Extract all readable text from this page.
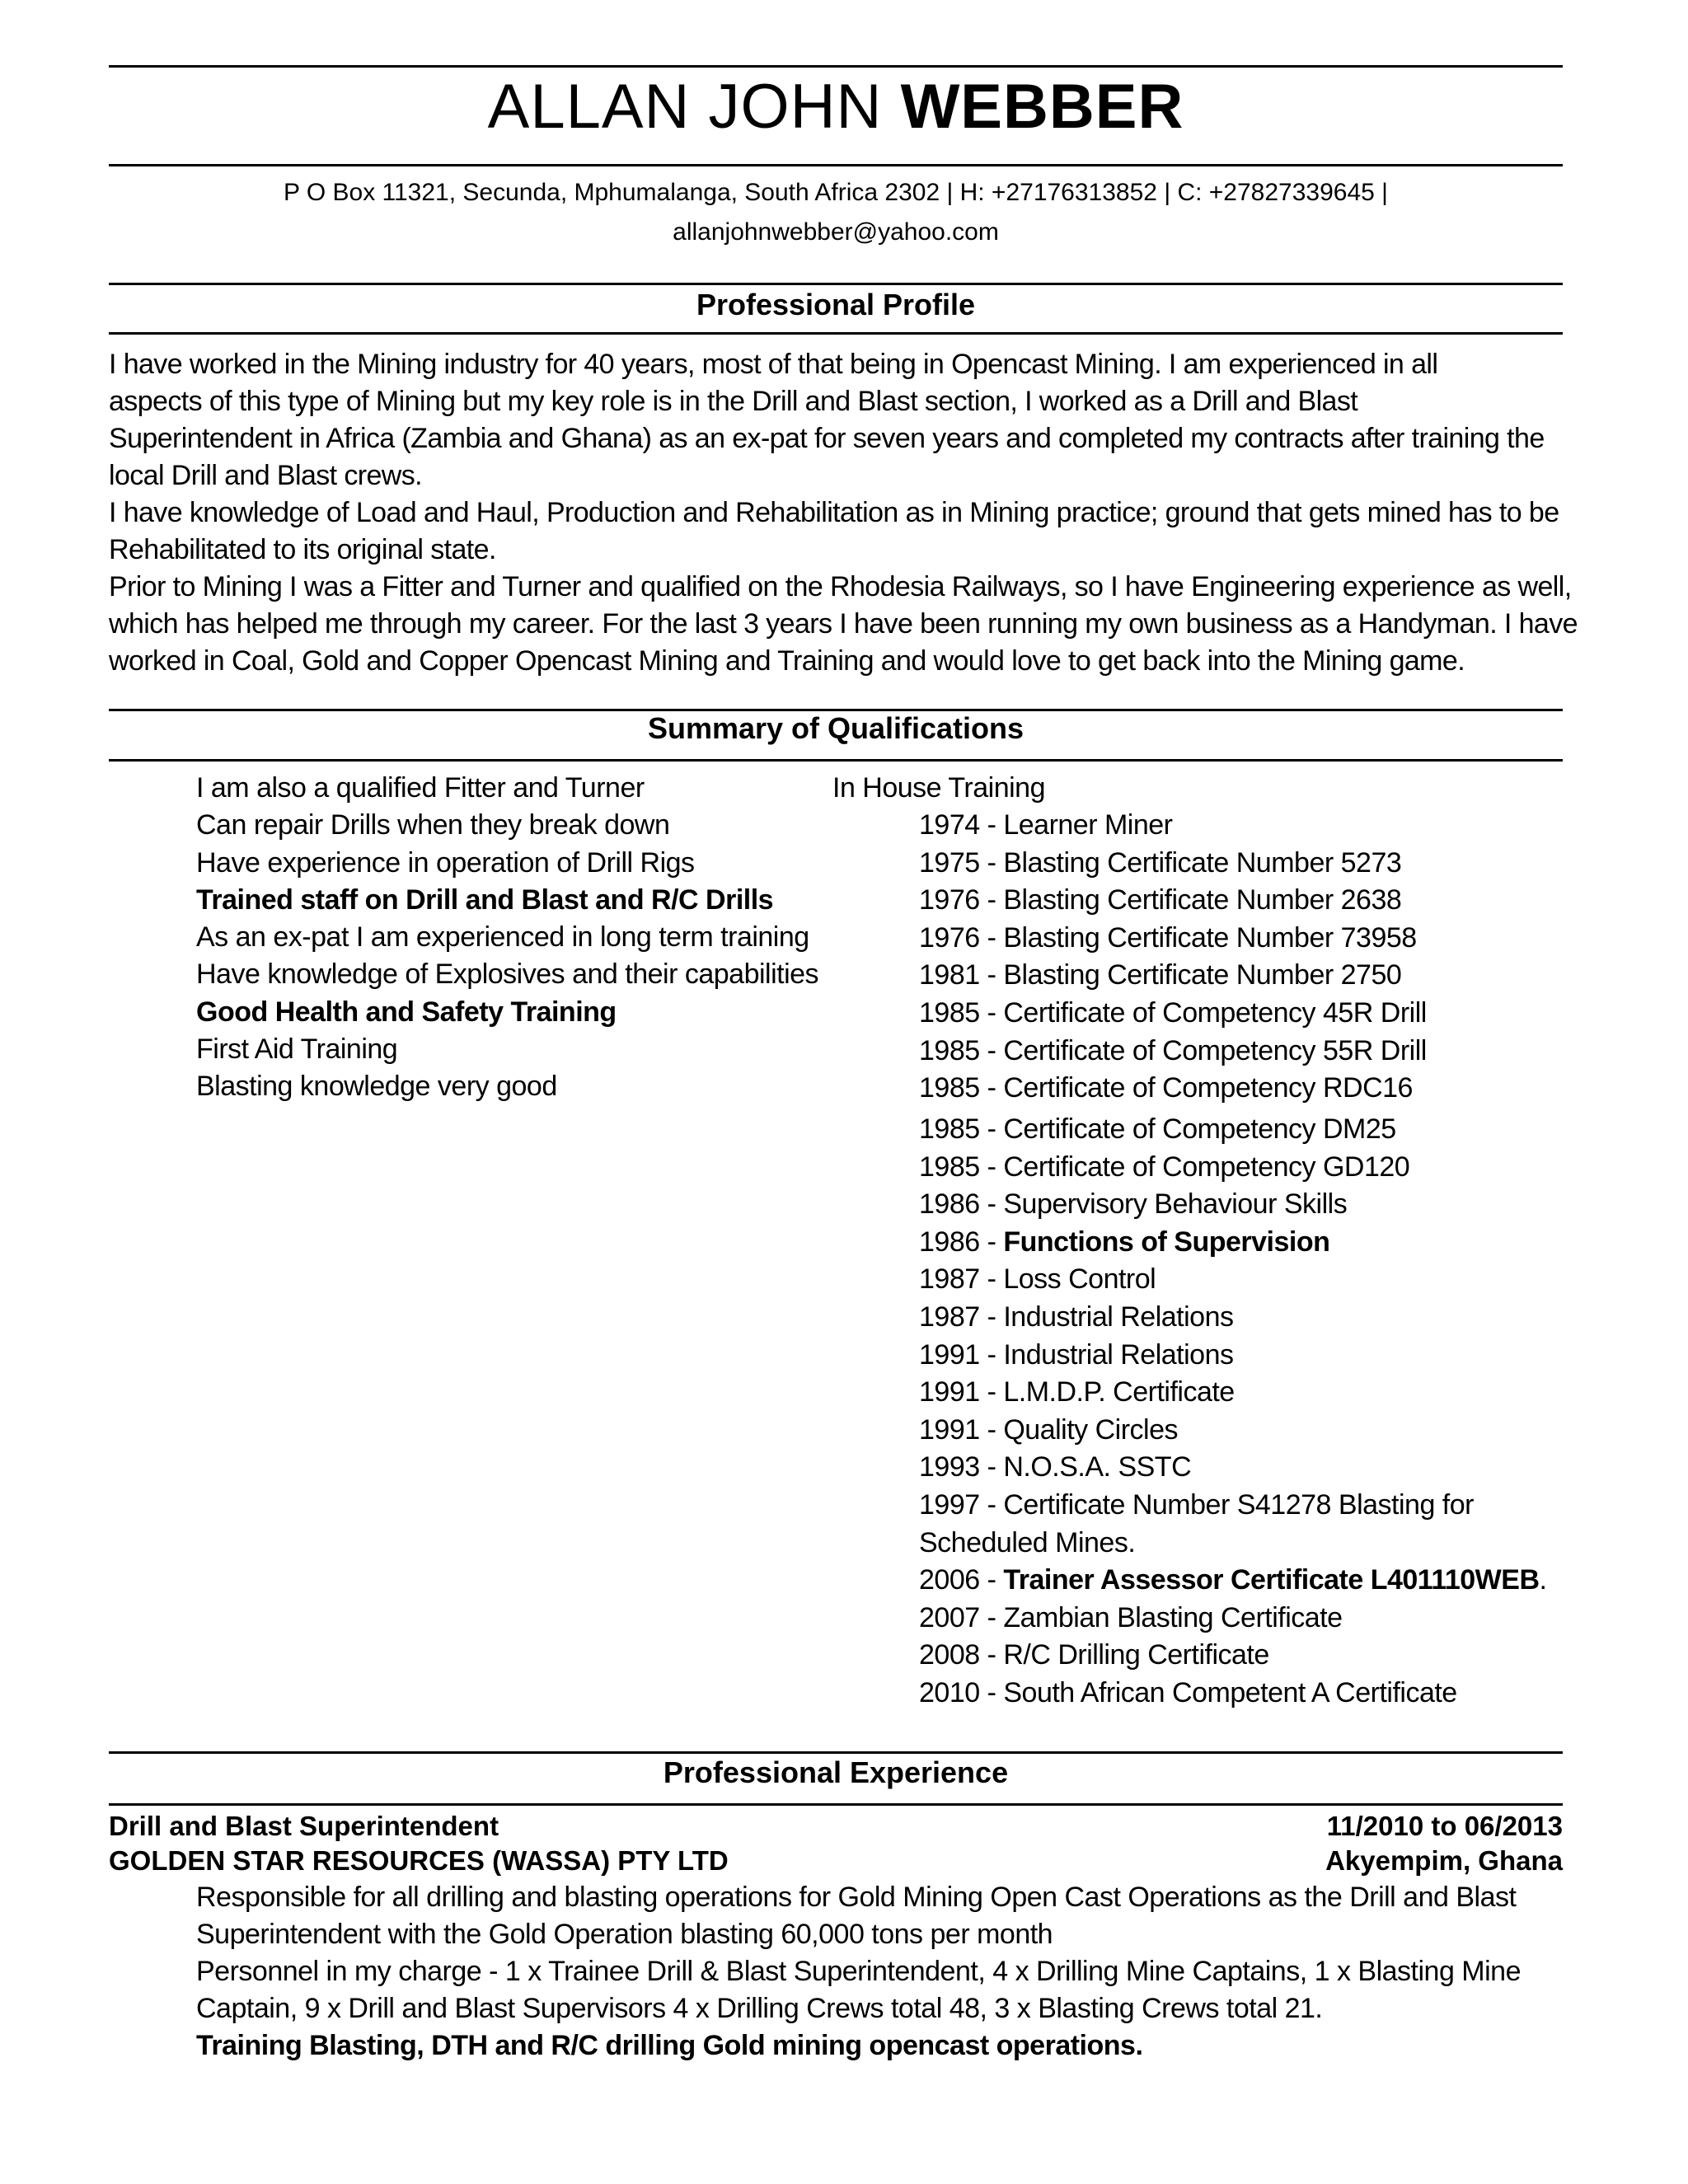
ALLAN JOHN WEBBER
P O Box 11321, Secunda, Mphumalanga, South Africa 2302 | H: +27176313852 | C: +27827339645 |
allanjohnwebber@yahoo.com
Professional Profile

I have worked in the Mining industry for 40 years, most of that being in Opencast Mining. I am experienced in all

aspects of this type of Mining but my key role is in the Drill and Blast section, I worked as a Drill and Blast

Superintendent in Africa (Zambia and Ghana) as an ex-pat for seven years and completed my contracts after training the

local Drill and Blast crews.

I have knowledge of Load and Haul, Production and Rehabilitation as in Mining practice; ground that gets mined has to be

Rehabilitated to its original state.

Prior to Mining I was a Fitter and Turner and qualified on the Rhodesia Railways, so I have Engineering experience as well,

which has helped me through my career. For the last 3 years I have been running my own business as a Handyman. I have

worked in Coal, Gold and Copper Opencast Mining and Training and would love to get back into the Mining game.

Summary of Qualifications
I am also a qualified Fitter and Turner
Can repair Drills when they break down
Have experience in operation of Drill Rigs
Trained staff on Drill and Blast and R/C Drills
As an ex-pat I am experienced in long term training
Have knowledge of Explosives and their capabilities
Good Health and Safety Training
First Aid Training
Blasting knowledge very good
In House Training
1974 - Learner Miner
1975 - Blasting Certificate Number 5273
1976 - Blasting Certificate Number 2638
1976 - Blasting Certificate Number 73958
1981 - Blasting Certificate Number 2750
1985 - Certificate of Competency 45R Drill
1985 - Certificate of Competency 55R Drill
1985 - Certificate of Competency RDC16
1985 - Certificate of Competency DM25
1985 - Certificate of Competency GD120
1986 - Supervisory Behaviour Skills
1986 - Functions of Supervision
1987 - Loss Control
1987 - Industrial Relations
1991 - Industrial Relations
1991 - L.M.D.P. Certificate
1991 - Quality Circles
1993 - N.O.S.A. SSTC
1997 - Certificate Number S41278 Blasting for
Scheduled Mines.
2006 - Trainer Assessor Certificate L401110WEB.
2007 - Zambian Blasting Certificate
2008 - R/C Drilling Certificate
2010 - South African Competent A Certificate
Professional Experience
Drill and Blast Superintendent	11/2010 to 06/2013
GOLDEN STAR RESOURCES (WASSA) PTY LTD	Akyempim, Ghana
Responsible for all drilling and blasting operations for Gold Mining Open Cast Operations as the Drill and Blast
Superintendent with the Gold Operation blasting 60,000 tons per month
Personnel in my charge - 1 x Trainee Drill & Blast Superintendent, 4 x Drilling Mine Captains, 1 x Blasting Mine
Captain, 9 x Drill and Blast Supervisors 4 x Drilling Crews total 48, 3 x Blasting Crews total 21.
Training Blasting, DTH and R/C drilling Gold mining opencast operations.
